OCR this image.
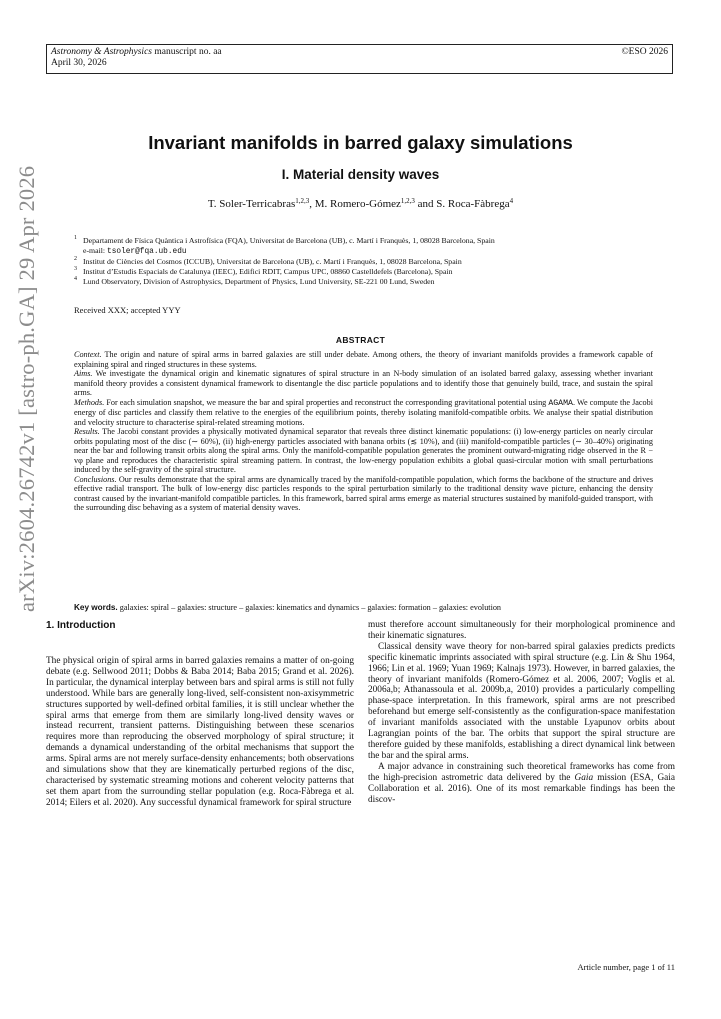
Astronomy & Astrophysics manuscript no. aa
April 30, 2026
©ESO 2026
arXiv:2604.26742v1 [astro-ph.GA] 29 Apr 2026
Invariant manifolds in barred galaxy simulations
I. Material density waves
T. Soler-Terricabras$^{1,2,3}$, M. Romero-Gómez$^{1,2,3}$ and S. Roca-Fàbrega$^4$
1 Departament de Física Quàntica i Astrofísica (FQA), Universitat de Barcelona (UB), c. Martí i Franquès, 1, 08028 Barcelona, Spain
e-mail: tsoler@fqa.ub.edu
2 Institut de Ciències del Cosmos (ICCUB), Universitat de Barcelona (UB), c. Martí i Franquès, 1, 08028 Barcelona, Spain
3 Institut d’Estudis Espacials de Catalunya (IEEC), Edifici RDIT, Campus UPC, 08860 Castelldefels (Barcelona), Spain
4 Lund Observatory, Division of Astrophysics, Department of Physics, Lund University, SE-221 00 Lund, Sweden
Received XXX; accepted YYY
ABSTRACT

Context. The origin and nature of spiral arms in barred galaxies are still under debate. Among others, the theory of invariant manifolds provides a framework capable of explaining spiral and ringed structures in these systems.

Aims. We investigate the dynamical origin and kinematic signatures of spiral structure in an N-body simulation of an isolated barred galaxy, assessing whether invariant manifold theory provides a consistent dynamical framework to disentangle the disc particle populations and to identify those that genuinely build, trace, and sustain the spiral arms.

Methods. For each simulation snapshot, we measure the bar and spiral properties and reconstruct the corresponding gravitational potential using AGAMA. We compute the Jacobi energy of disc particles and classify them relative to the energies of the equilibrium points, thereby isolating manifold-compatible orbits. We analyse their spatial distribution and velocity structure to characterise spiral-related streaming motions.

Results. The Jacobi constant provides a physically motivated dynamical separator that reveals three distinct kinematic populations: (i) low-energy particles on nearly circular orbits populating most of the disc (∼ 60%), (ii) high-energy particles associated with banana orbits (≲ 10%), and (iii) manifold-compatible particles (∼ 30–40%) originating near the bar and following transit orbits along the spiral arms. Only the manifold-compatible population generates the prominent outward-migrating ridge observed in the R − vφ plane and reproduces the characteristic spiral streaming pattern. In contrast, the low-energy population exhibits a global quasi-circular motion with small perturbations induced by the self-gravity of the spiral structure.

Conclusions. Our results demonstrate that the spiral arms are dynamically traced by the manifold-compatible population, which forms the backbone of the structure and drives effective radial transport. The bulk of low-energy disc particles responds to the spiral perturbation similarly to the traditional density wave picture, enhancing the density contrast caused by the invariant-manifold compatible particles. In this framework, barred spiral arms emerge as material structures sustained by manifold-guided transport, with the surrounding disc behaving as a system of material density waves.

Key words. galaxies: spiral – galaxies: structure – galaxies: kinematics and dynamics – galaxies: formation – galaxies: evolution
1. Introduction

The physical origin of spiral arms in barred galaxies remains a matter of on-going debate (e.g. Sellwood 2011; Dobbs & Baba 2014; Baba 2015; Grand et al. 2026). In particular, the dynamical interplay between bars and spiral arms is still not fully understood. While bars are generally long-lived, self-consistent non-axisymmetric structures supported by well-defined orbital families, it is still unclear whether the spiral arms that emerge from them are similarly long-lived density waves or instead recurrent, transient patterns. Distinguishing between these scenarios requires more than reproducing the observed morphology of spiral structure; it demands a dynamical understanding of the orbital mechanisms that support the arms. Spiral arms are not merely surface-density enhancements; both observations and simulations show that they are kinematically perturbed regions of the disc, characterised by systematic streaming motions and coherent velocity patterns that set them apart from the surrounding stellar population (e.g. Roca-Fàbrega et al. 2014; Eilers et al. 2020). Any successful dynamical framework for spiral structure

must therefore account simultaneously for their morphological prominence and their kinematic signatures.

Classical density wave theory for non-barred spiral galaxies predicts predicts specific kinematic imprints associated with spiral structure (e.g. Lin & Shu 1964, 1966; Lin et al. 1969; Yuan 1969; Kalnajs 1973). However, in barred galaxies, the theory of invariant manifolds (Romero-Gómez et al. 2006, 2007; Voglis et al. 2006a,b; Athanassoula et al. 2009b,a, 2010) provides a particularly compelling phase-space interpretation. In this framework, spiral arms are not prescribed beforehand but emerge self-consistently as the configuration-space manifestation of invariant manifolds associated with the unstable Lyapunov orbits about Lagrangian points of the bar. The orbits that support the spiral structure are therefore guided by these manifolds, establishing a direct dynamical link between the bar and the spiral arms.

A major advance in constraining such theoretical frameworks has come from the high-precision astrometric data delivered by the Gaia mission (ESA, Gaia Collaboration et al. 2016). One of its most remarkable findings has been the discov-

Article number, page 1 of 11
